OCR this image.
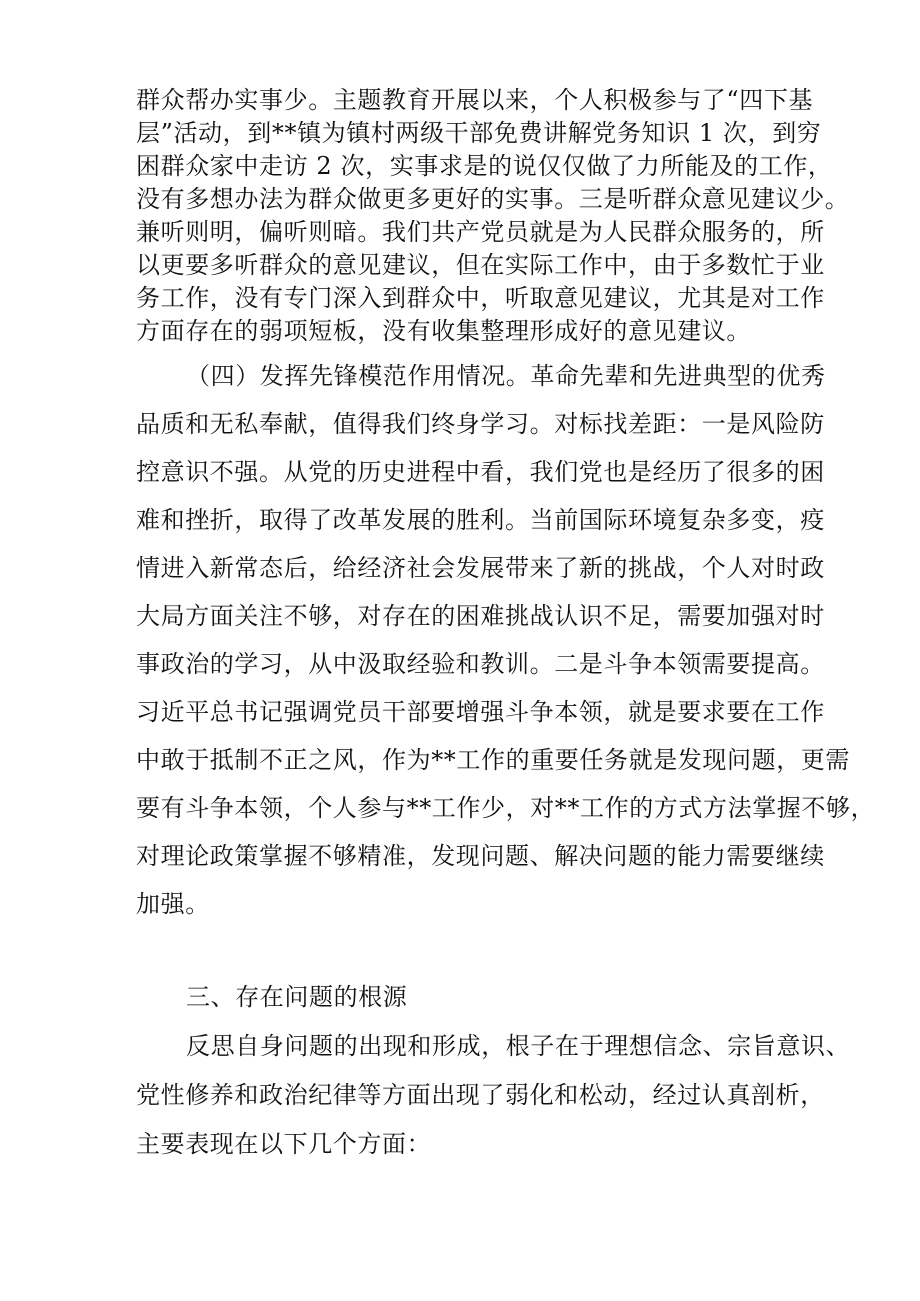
群众帮办实事少。主题教育开展以来，个人积极参与了“四下基
层”活动，到**镇为镇村两级干部免费讲解党务知识 1 次，到穷
困群众家中走访 2 次，实事求是的说仅仅做了力所能及的工作，
没有多想办法为群众做更多更好的实事。三是听群众意见建议少。
兼听则明，偏听则暗。我们共产党员就是为人民群众服务的，所
以更要多听群众的意见建议，但在实际工作中，由于多数忙于业
务工作，没有专门深入到群众中，听取意见建议，尤其是对工作
方面存在的弱项短板，没有收集整理形成好的意见建议。
（四）发挥先锋模范作用情况。革命先辈和先进典型的优秀
品质和无私奉献，值得我们终身学习。对标找差距：一是风险防
控意识不强。从党的历史进程中看，我们党也是经历了很多的困
难和挫折，取得了改革发展的胜利。当前国际环境复杂多变，疫
情进入新常态后，给经济社会发展带来了新的挑战，个人对时政
大局方面关注不够，对存在的困难挑战认识不足，需要加强对时
事政治的学习，从中汲取经验和教训。二是斗争本领需要提高。
习近平总书记强调党员干部要增强斗争本领，就是要求要在工作
中敢于抵制不正之风，作为**工作的重要任务就是发现问题，更需
要有斗争本领，个人参与**工作少，对**工作的方式方法掌握不够，
对理论政策掌握不够精准，发现问题、解决问题的能力需要继续
加强。
三、存在问题的根源
反思自身问题的出现和形成，根子在于理想信念、宗旨意识、
党性修养和政治纪律等方面出现了弱化和松动，经过认真剖析，
主要表现在以下几个方面：
